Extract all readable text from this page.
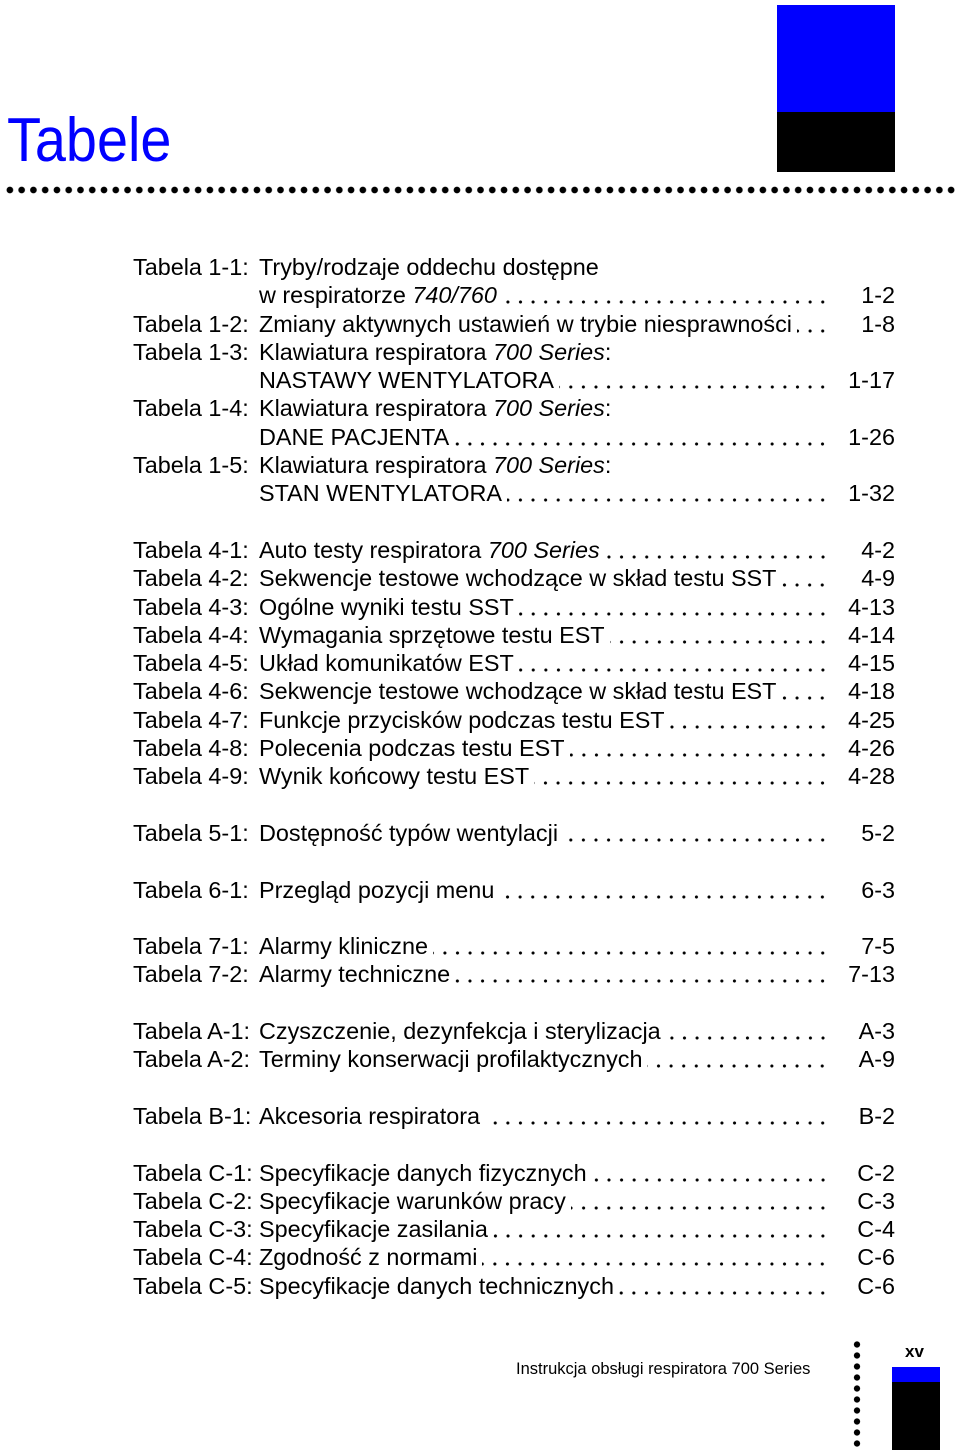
Tabele
Tabela 1-1: Tryby/rodzaje oddechu dostępne
w respiratorze 740/760	1-2
Tabela 1-2: Zmiany aktywnych ustawień w trybie niesprawności	1-8
Tabela 1-3: Klawiatura respiratora 700 Series:
NASTAWY WENTYLATORA	1-17
Tabela 1-4: Klawiatura respiratora 700 Series:
DANE PACJENTA	1-26
Tabela 1-5: Klawiatura respiratora 700 Series:
STAN WENTYLATORA	1-32
Tabela 4-1: Auto testy respiratora 700 Series	4-2
Tabela 4-2: Sekwencje testowe wchodzące w skład testu SST	4-9
Tabela 4-3: Ogólne wyniki testu SST	4-13
Tabela 4-4: Wymagania sprzętowe testu EST	4-14
Tabela 4-5: Układ komunikatów EST	4-15
Tabela 4-6: Sekwencje testowe wchodzące w skład testu EST	4-18
Tabela 4-7: Funkcje przycisków podczas testu EST	4-25
Tabela 4-8: Polecenia podczas testu EST	4-26
Tabela 4-9: Wynik końcowy testu EST	4-28
Tabela 5-1: Dostępność typów wentylacji	5-2
Tabela 6-1: Przegląd pozycji menu	6-3
Tabela 7-1: Alarmy kliniczne	7-5
Tabela 7-2: Alarmy techniczne	7-13
Tabela A-1: Czyszczenie, dezynfekcja i sterylizacja	A-3
Tabela A-2: Terminy konserwacji profilaktycznych	A-9
Tabela B-1: Akcesoria respiratora	B-2
Tabela C-1: Specyfikacje danych fizycznych	C-2
Tabela C-2: Specyfikacje warunków pracy	C-3
Tabela C-3: Specyfikacje zasilania	C-4
Tabela C-4: Zgodność z normami	C-6
Tabela C-5: Specyfikacje danych technicznych	C-6
Instrukcja obsługi respiratora 700 Series
xv
